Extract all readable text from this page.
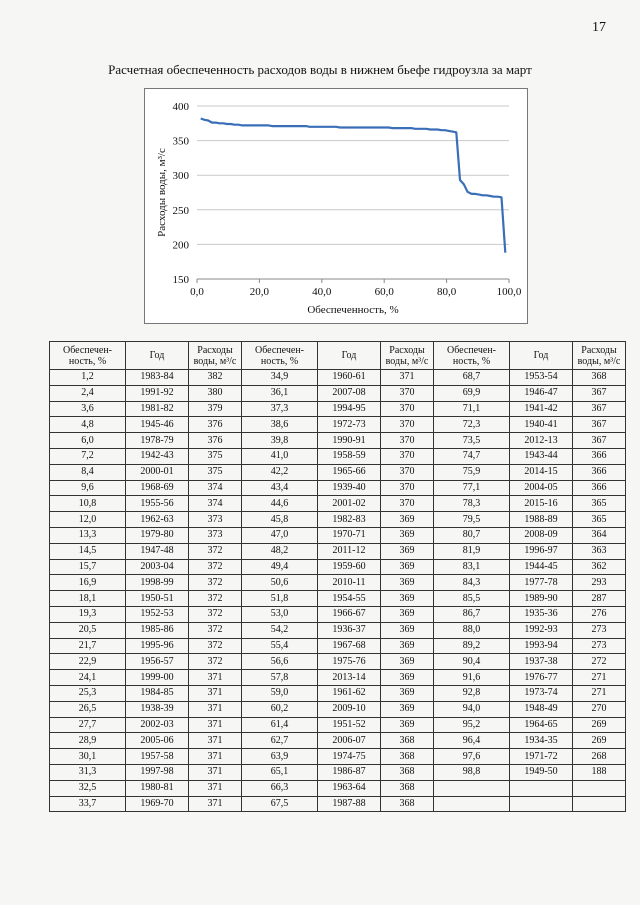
17
Расчетная обеспеченность расходов воды в нижнем бьефе гидроузла за март
150
200
250
300
350
400
0,0	20,0	40,0	60,0	80,0	100,0
Обеспеченность, %
Расходы воды, м³/с
Обеспечен-ность, %	Год	Расходы воды, м³/с	Обеспечен-ность, %	Год	Расходы воды, м³/с	Обеспечен-ность, %	Год	Расходы воды, м³/с
1,2	1983-84	382	34,9	1960-61	371	68,7	1953-54	368
2,4	1991-92	380	36,1	2007-08	370	69,9	1946-47	367
3,6	1981-82	379	37,3	1994-95	370	71,1	1941-42	367
4,8	1945-46	376	38,6	1972-73	370	72,3	1940-41	367
6,0	1978-79	376	39,8	1990-91	370	73,5	2012-13	367
7,2	1942-43	375	41,0	1958-59	370	74,7	1943-44	366
8,4	2000-01	375	42,2	1965-66	370	75,9	2014-15	366
9,6	1968-69	374	43,4	1939-40	370	77,1	2004-05	366
10,8	1955-56	374	44,6	2001-02	370	78,3	2015-16	365
12,0	1962-63	373	45,8	1982-83	369	79,5	1988-89	365
13,3	1979-80	373	47,0	1970-71	369	80,7	2008-09	364
14,5	1947-48	372	48,2	2011-12	369	81,9	1996-97	363
15,7	2003-04	372	49,4	1959-60	369	83,1	1944-45	362
16,9	1998-99	372	50,6	2010-11	369	84,3	1977-78	293
18,1	1950-51	372	51,8	1954-55	369	85,5	1989-90	287
19,3	1952-53	372	53,0	1966-67	369	86,7	1935-36	276
20,5	1985-86	372	54,2	1936-37	369	88,0	1992-93	273
21,7	1995-96	372	55,4	1967-68	369	89,2	1993-94	273
22,9	1956-57	372	56,6	1975-76	369	90,4	1937-38	272
24,1	1999-00	371	57,8	2013-14	369	91,6	1976-77	271
25,3	1984-85	371	59,0	1961-62	369	92,8	1973-74	271
26,5	1938-39	371	60,2	2009-10	369	94,0	1948-49	270
27,7	2002-03	371	61,4	1951-52	369	95,2	1964-65	269
28,9	2005-06	371	62,7	2006-07	368	96,4	1934-35	269
30,1	1957-58	371	63,9	1974-75	368	97,6	1971-72	268
31,3	1997-98	371	65,1	1986-87	368	98,8	1949-50	188
32,5	1980-81	371	66,3	1963-64	368			
33,7	1969-70	371	67,5	1987-88	368			
